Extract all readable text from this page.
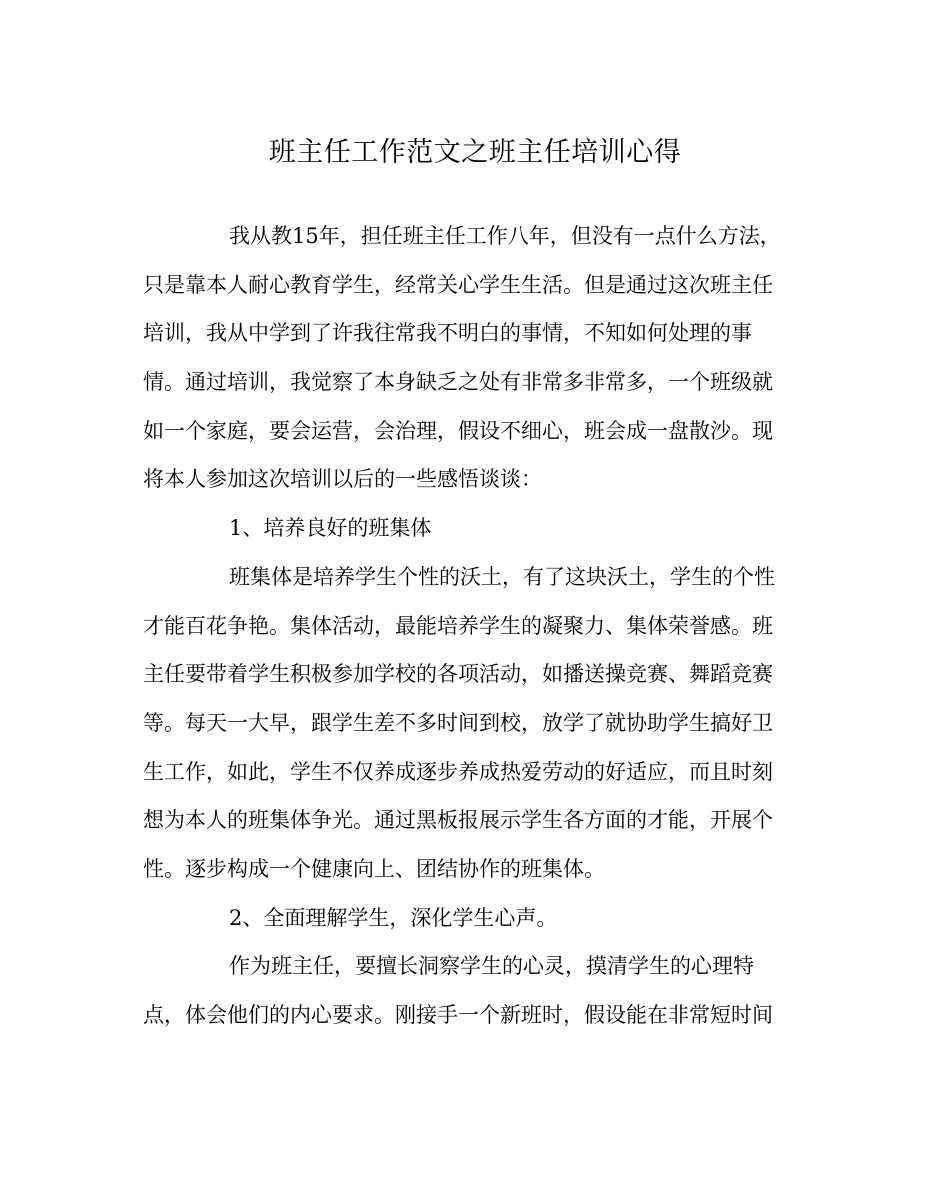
班主任工作范文之班主任培训心得
我从教15年，担任班主任工作八年，但没有一点什么方法，
只是靠本人耐心教育学生，经常关心学生生活。但是通过这次班主任
培训，我从中学到了许我往常我不明白的事情，不知如何处理的事
情。通过培训，我觉察了本身缺乏之处有非常多非常多，一个班级就
如一个家庭，要会运营，会治理，假设不细心，班会成一盘散沙。现
将本人参加这次培训以后的一些感悟谈谈：
1、培养良好的班集体
班集体是培养学生个性的沃土，有了这块沃土，学生的个性
才能百花争艳。集体活动，最能培养学生的凝聚力、集体荣誉感。班
主任要带着学生积极参加学校的各项活动，如播送操竞赛、舞蹈竞赛
等。每天一大早，跟学生差不多时间到校，放学了就协助学生搞好卫
生工作，如此，学生不仅养成逐步养成热爱劳动的好适应，而且时刻
想为本人的班集体争光。通过黑板报展示学生各方面的才能，开展个
性。逐步构成一个健康向上、团结协作的班集体。
2、全面理解学生，深化学生心声。
作为班主任，要擅长洞察学生的心灵，摸清学生的心理特
点，体会他们的内心要求。刚接手一个新班时，假设能在非常短时间
